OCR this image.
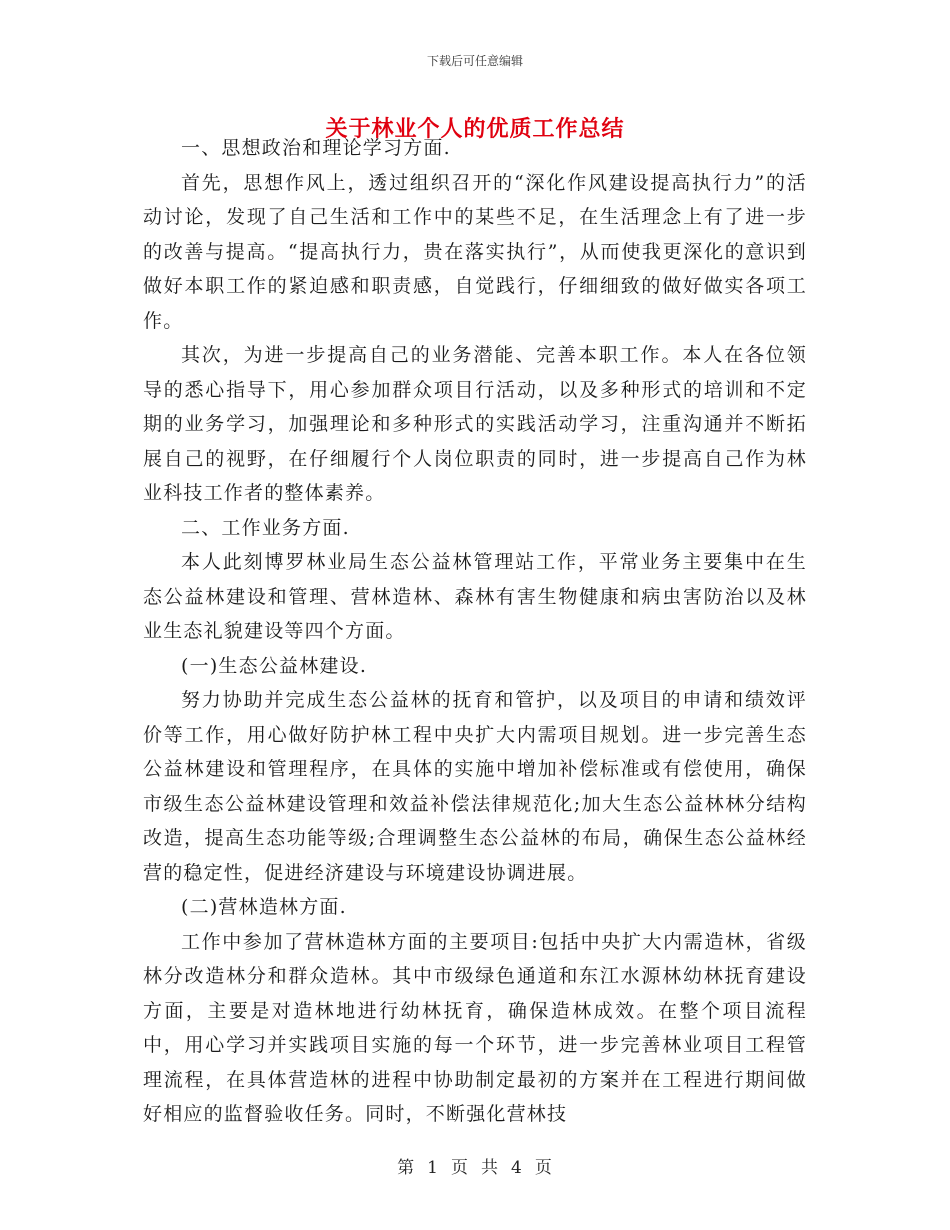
下载后可任意编辑
关于林业个人的优质工作总结

一、思想政治和理论学习方面.

首先，思想作风上，透过组织召开的“深化作风建设提高执行力”的活动讨论，发现了自己生活和工作中的某些不足，在生活理念上有了进一步的改善与提高。“提高执行力，贵在落实执行”，从而使我更深化的意识到做好本职工作的紧迫感和职责感，自觉践行，仔细细致的做好做实各项工作。

其次，为进一步提高自己的业务潜能、完善本职工作。本人在各位领导的悉心指导下，用心参加群众项目行活动，以及多种形式的培训和不定期的业务学习，加强理论和多种形式的实践活动学习，注重沟通并不断拓展自己的视野，在仔细履行个人岗位职责的同时，进一步提高自己作为林业科技工作者的整体素养。

二、工作业务方面.

本人此刻博罗林业局生态公益林管理站工作，平常业务主要集中在生态公益林建设和管理、营林造林、森林有害生物健康和病虫害防治以及林业生态礼貌建设等四个方面。

(一)生态公益林建设.

努力协助并完成生态公益林的抚育和管护，以及项目的申请和绩效评价等工作，用心做好防护林工程中央扩大内需项目规划。进一步完善生态公益林建设和管理程序，在具体的实施中增加补偿标准或有偿使用，确保市级生态公益林建设管理和效益补偿法律规范化;加大生态公益林林分结构改造，提高生态功能等级;合理调整生态公益林的布局，确保生态公益林经营的稳定性，促进经济建设与环境建设协调进展。

(二)营林造林方面.

工作中参加了营林造林方面的主要项目:包括中央扩大内需造林，省级林分改造林分和群众造林。其中市级绿色通道和东江水源林幼林抚育建设方面，主要是对造林地进行幼林抚育，确保造林成效。在整个项目流程中，用心学习并实践项目实施的每一个环节，进一步完善林业项目工程管理流程，在具体营造林的进程中协助制定最初的方案并在工程进行期间做好相应的监督验收任务。同时，不断强化营林技

第 1 页 共 4 页
